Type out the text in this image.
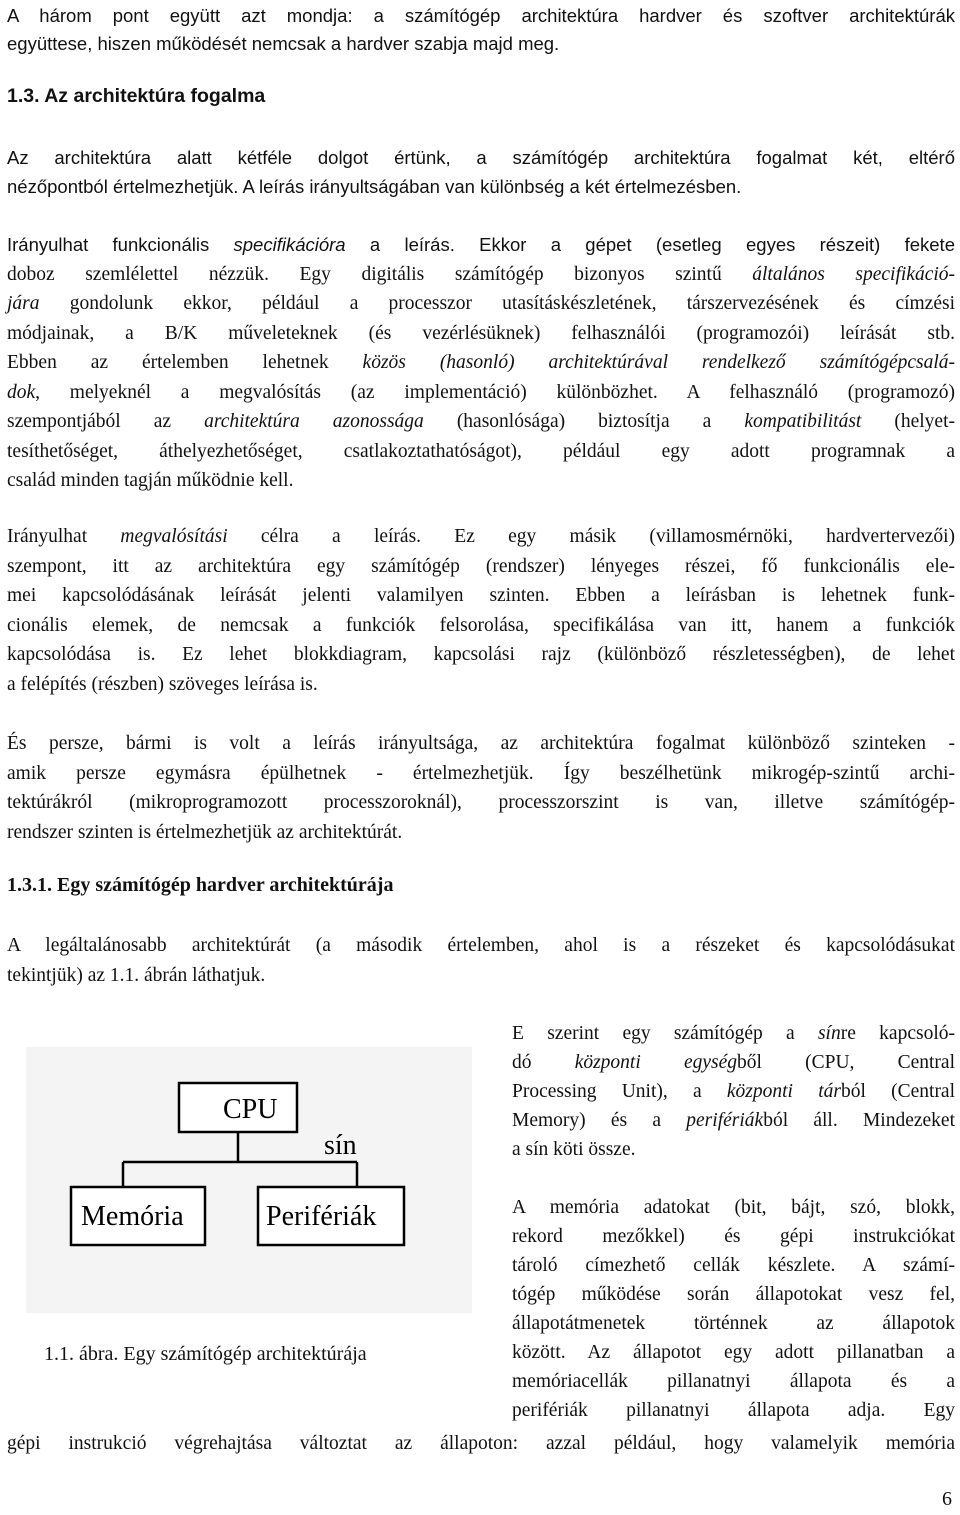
A három pont együtt azt mondja: a számítógép architektúra hardver és szoftver architektúrák
együttese, hiszen működését nemcsak a hardver szabja majd meg.

1.3. Az architektúra fogalma

Az architektúra alatt kétféle dolgot értünk, a számítógép architektúra fogalmat két, eltérő
nézőpontból értelmezhetjük. A leírás irányultságában van különbség a két értelmezésben.

Irányulhat funkcionális specifikációra a leírás. Ekkor a gépet (esetleg egyes részeit) fekete
doboz szemlélettel nézzük. Egy digitális számítógép bizonyos szintű általános specifikáció-
jára gondolunk ekkor, például a processzor utasításkészletének, társzervezésének és címzési
módjainak, a B/K műveleteknek (és vezérlésüknek) felhasználói (programozói) leírását stb.
Ebben az értelemben lehetnek közös (hasonló) architektúrával rendelkező számítógépcsalá-
dok, melyeknél a megvalósítás (az implementáció) különbözhet. A felhasználó (programozó)
szempontjából az architektúra azonossága (hasonlósága) biztosítja a kompatibilitást (helyet-
tesíthetőséget, áthelyezhetőséget, csatlakoztathatóságot), például egy adott programnak a
család minden tagján működnie kell.

Irányulhat megvalósítási célra a leírás. Ez egy másik (villamosmérnöki, hardvertervezői)
szempont, itt az architektúra egy számítógép (rendszer) lényeges részei, fő funkcionális ele-
mei kapcsolódásának leírását jelenti valamilyen szinten. Ebben a leírásban is lehetnek funk-
cionális elemek, de nemcsak a funkciók felsorolása, specifikálása van itt, hanem a funkciók
kapcsolódása is. Ez lehet blokkdiagram, kapcsolási rajz (különböző részletességben), de lehet
a felépítés (részben) szöveges leírása is.

És persze, bármi is volt a leírás irányultsága, az architektúra fogalmat különböző szinteken -
amik persze egymásra épülhetnek - értelmezhetjük. Így beszélhetünk mikrogép-szintű archi-
tektúrákról (mikroprogramozott processzoroknál), processzorszint is van, illetve számítógép-
rendszer szinten is értelmezhetjük az architektúrát.

1.3.1. Egy számítógép hardver architektúrája

A legáltalánosabb architektúrát (a második értelemben, ahol is a részeket és kapcsolódásukat
tekintjük) az 1.1. ábrán láthatjuk.

CPU
sín
Memória	Perifériák
1.1. ábra. Egy számítógép architektúrája

E szerint egy számítógép a sínre kapcsoló-
dó központi egységből (CPU, Central
Processing Unit), a központi tárból (Central
Memory) és a perifériákból áll. Mindezeket
a sín köti össze.

A memória adatokat (bit, bájt, szó, blokk,
rekord mezőkkel) és gépi instrukciókat
tároló címezhető cellák készlete. A számí-
tógép működése során állapotokat vesz fel,
állapotátmenetek történnek az állapotok
között. Az állapotot egy adott pillanatban a
memóriacellák pillanatnyi állapota és a
perifériák pillanatnyi állapota adja. Egy

gépi instrukció végrehajtása változtat az állapoton: azzal például, hogy valamelyik memória

6
